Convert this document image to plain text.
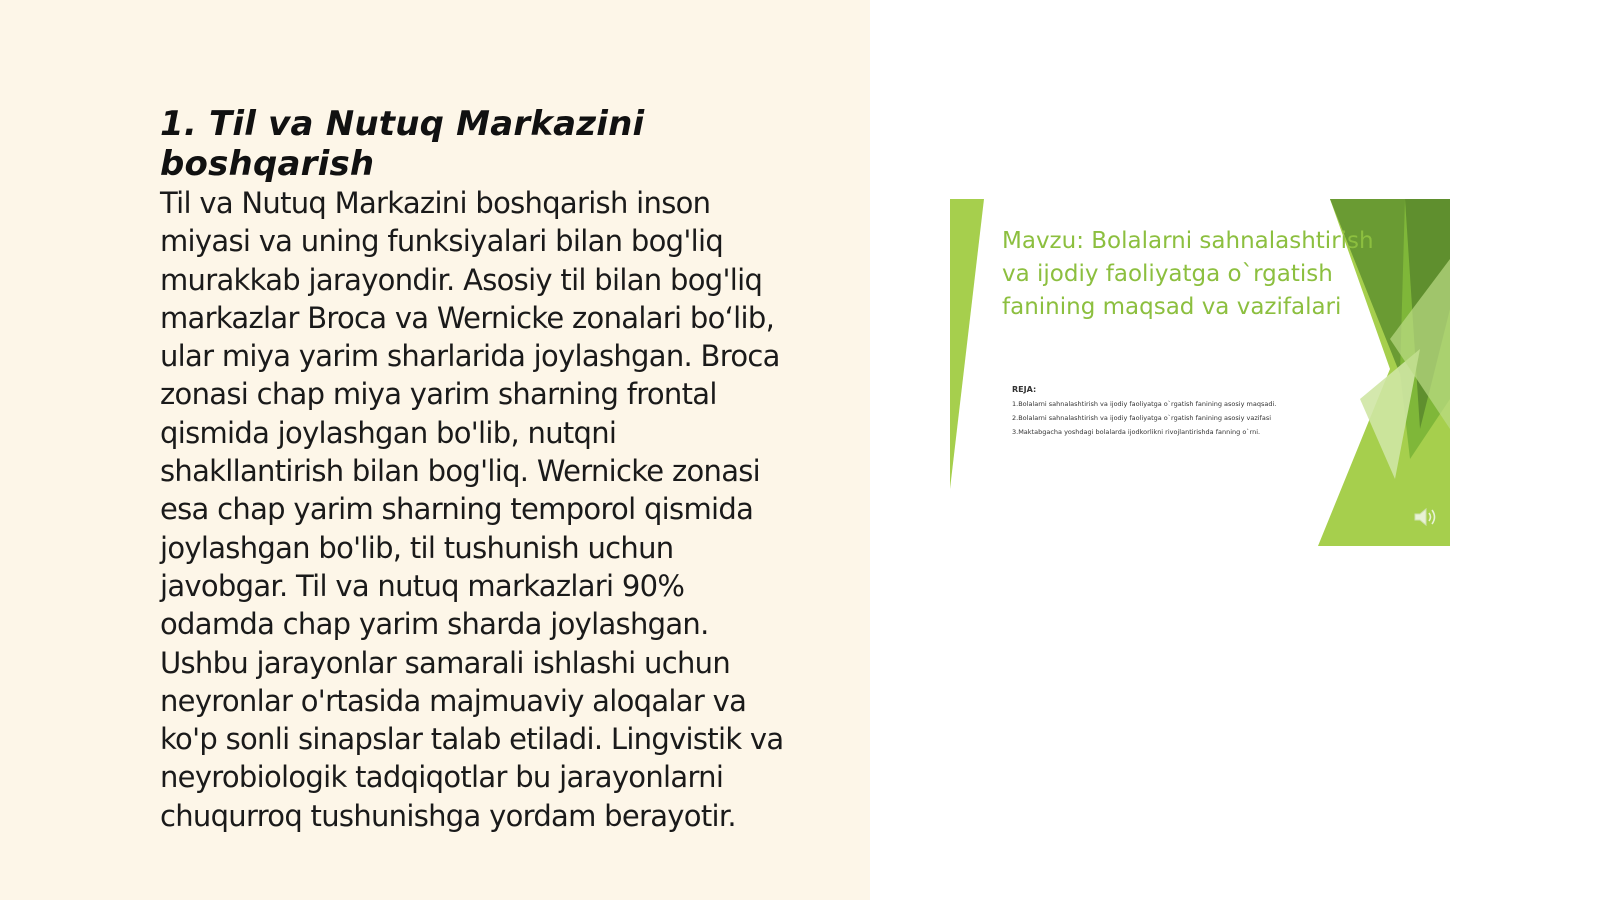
1. Til va Nutuq Markazini boshqarish
Til va Nutuq Markazini boshqarish inson
miyasi va uning funksiyalari bilan bog'liq
murakkab jarayondir. Asosiy til bilan bog'liq
markazlar Broca va Wernicke zonalari bo‘lib,
ular miya yarim sharlarida joylashgan. Broca
zonasi chap miya yarim sharning frontal
qismida joylashgan bo'lib, nutqni
shakllantirish bilan bog'liq. Wernicke zonasi
esa chap yarim sharning temporol qismida
joylashgan bo'lib, til tushunish uchun
javobgar. Til va nutuq markazlari 90%
odamda chap yarim sharda joylashgan.
Ushbu jarayonlar samarali ishlashi uchun
neyronlar o'rtasida majmuaviy aloqalar va
ko'p sonli sinapslar talab etiladi. Lingvistik va
neyrobiologik tadqiqotlar bu jarayonlarni
chuqurroq tushunishga yordam berayotir.
Mavzu: Bolalarni sahnalashtirish
va ijodiy faoliyatga o`rgatish
fanining maqsad va vazifalari
REJA:
1.Bolalarni sahnalashtirish va ijodiy faoliyatga o`rgatish fanining asosiy maqsadi.
2.Bolalarni sahnalashtirish va ijodiy faoliyatga o`rgatish fanining asosiy vazifasi
3.Maktabgacha yoshdagi bolalarda ijodkorlikni rivojlantirishda fanning o`rni.
